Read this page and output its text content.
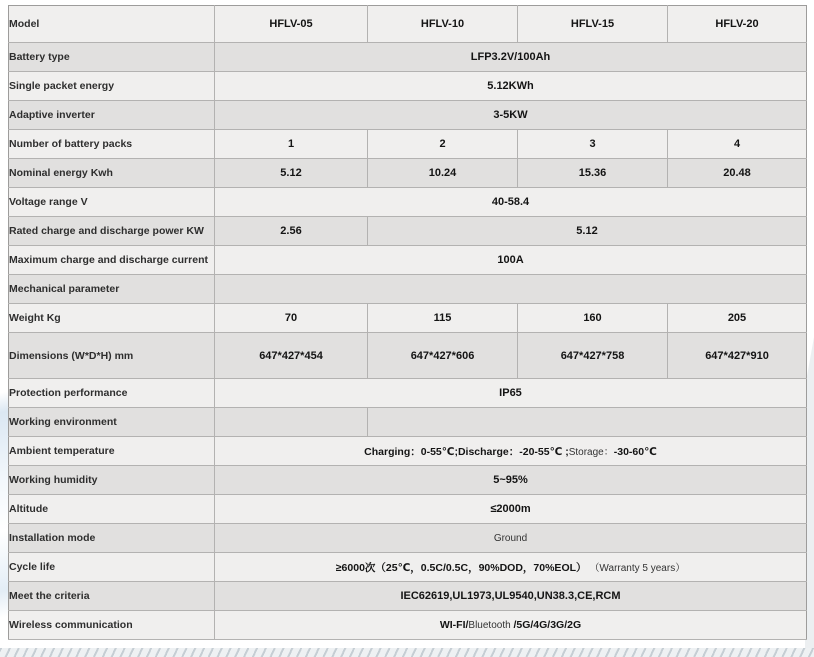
Model	HFLV-05	HFLV-10	HFLV-15	HFLV-20
Battery type	LFP3.2V/100Ah			
Single packet energy	5.12KWh			
Adaptive inverter	3-5KW			
Number of battery packs	1	2	3	4
Nominal energy Kwh	5.12	10.24	15.36	20.48
Voltage range V	40-58.4			
Rated charge and discharge power KW	2.56	5.12		
Maximum charge and discharge current	100A			
Mechanical parameter				
Weight Kg	70	115	160	205
Dimensions (W*D*H) mm	647*427*454	647*427*606	647*427*758	647*427*910
Protection performance	IP65			
Working environment				
Ambient temperature	Charging：0-55℃;Discharge：-20-55℃ ;Storage：-30-60℃			
Working humidity	5~95%			
Altitude	≤2000m			
Installation mode	Ground			
Cycle life	≥6000次（25℃，0.5C/0.5C，90%DOD，70%EOL） （Warranty 5 years）			
Meet the criteria	IEC62619,UL1973,UL9540,UN38.3,CE,RCM			
Wireless communication	WI-FI/Bluetooth /5G/4G/3G/2G			
